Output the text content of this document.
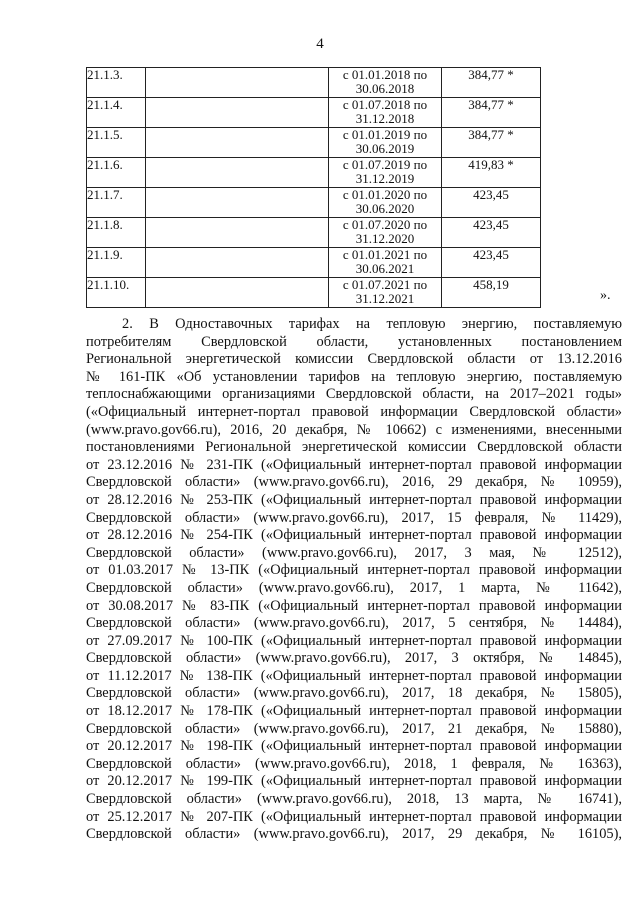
4
21.1.3.		с 01.01.2018 по 30.06.2018	384,77 *
21.1.4.		с 01.07.2018 по 31.12.2018	384,77 *
21.1.5.		с 01.01.2019 по 30.06.2019	384,77 *
21.1.6.		с 01.07.2019 по 31.12.2019	419,83 *
21.1.7.		с 01.01.2020 по 30.06.2020	423,45
21.1.8.		с 01.07.2020 по 31.12.2020	423,45
21.1.9.		с 01.01.2021 по 30.06.2021	423,45
21.1.10.		с 01.07.2021 по 31.12.2021	458,19
».

2. В Одноставочных тарифах на тепловую энергию, поставляемую

потребителям Свердловской области, установленных постановлением

Региональной энергетической комиссии Свердловской области от 13.12.2016

№ 161-ПК «Об установлении тарифов на тепловую энергию, поставляемую

теплоснабжающими организациями Свердловской области, на 2017–2021 годы»

(«Официальный интернет-портал правовой информации Свердловской области»

(www.pravo.gov66.ru), 2016, 20 декабря, № 10662) с изменениями, внесенными

постановлениями Региональной энергетической комиссии Свердловской области

от 23.12.2016 № 231-ПК («Официальный интернет-портал правовой информации

Свердловской области» (www.pravo.gov66.ru), 2016, 29 декабря, № 10959),

от 28.12.2016 № 253-ПК («Официальный интернет-портал правовой информации

Свердловской области» (www.pravo.gov66.ru), 2017, 15 февраля, № 11429),

от 28.12.2016 № 254-ПК («Официальный интернет-портал правовой информации

Свердловской области» (www.pravo.gov66.ru), 2017, 3 мая, № 12512),

от 01.03.2017 № 13-ПК («Официальный интернет-портал правовой информации

Свердловской области» (www.pravo.gov66.ru), 2017, 1 марта, № 11642),

от 30.08.2017 № 83-ПК («Официальный интернет-портал правовой информации

Свердловской области» (www.pravo.gov66.ru), 2017, 5 сентября, № 14484),

от 27.09.2017 № 100-ПК («Официальный интернет-портал правовой информации

Свердловской области» (www.pravo.gov66.ru), 2017, 3 октября, № 14845),

от 11.12.2017 № 138-ПК («Официальный интернет-портал правовой информации

Свердловской области» (www.pravo.gov66.ru), 2017, 18 декабря, № 15805),

от 18.12.2017 № 178-ПК («Официальный интернет-портал правовой информации

Свердловской области» (www.pravo.gov66.ru), 2017, 21 декабря, № 15880),

от 20.12.2017 № 198-ПК («Официальный интернет-портал правовой информации

Свердловской области» (www.pravo.gov66.ru), 2018, 1 февраля, № 16363),

от 20.12.2017 № 199-ПК («Официальный интернет-портал правовой информации

Свердловской области» (www.pravo.gov66.ru), 2018, 13 марта, № 16741),

от 25.12.2017 № 207-ПК («Официальный интернет-портал правовой информации

Свердловской области» (www.pravo.gov66.ru), 2017, 29 декабря, № 16105),
